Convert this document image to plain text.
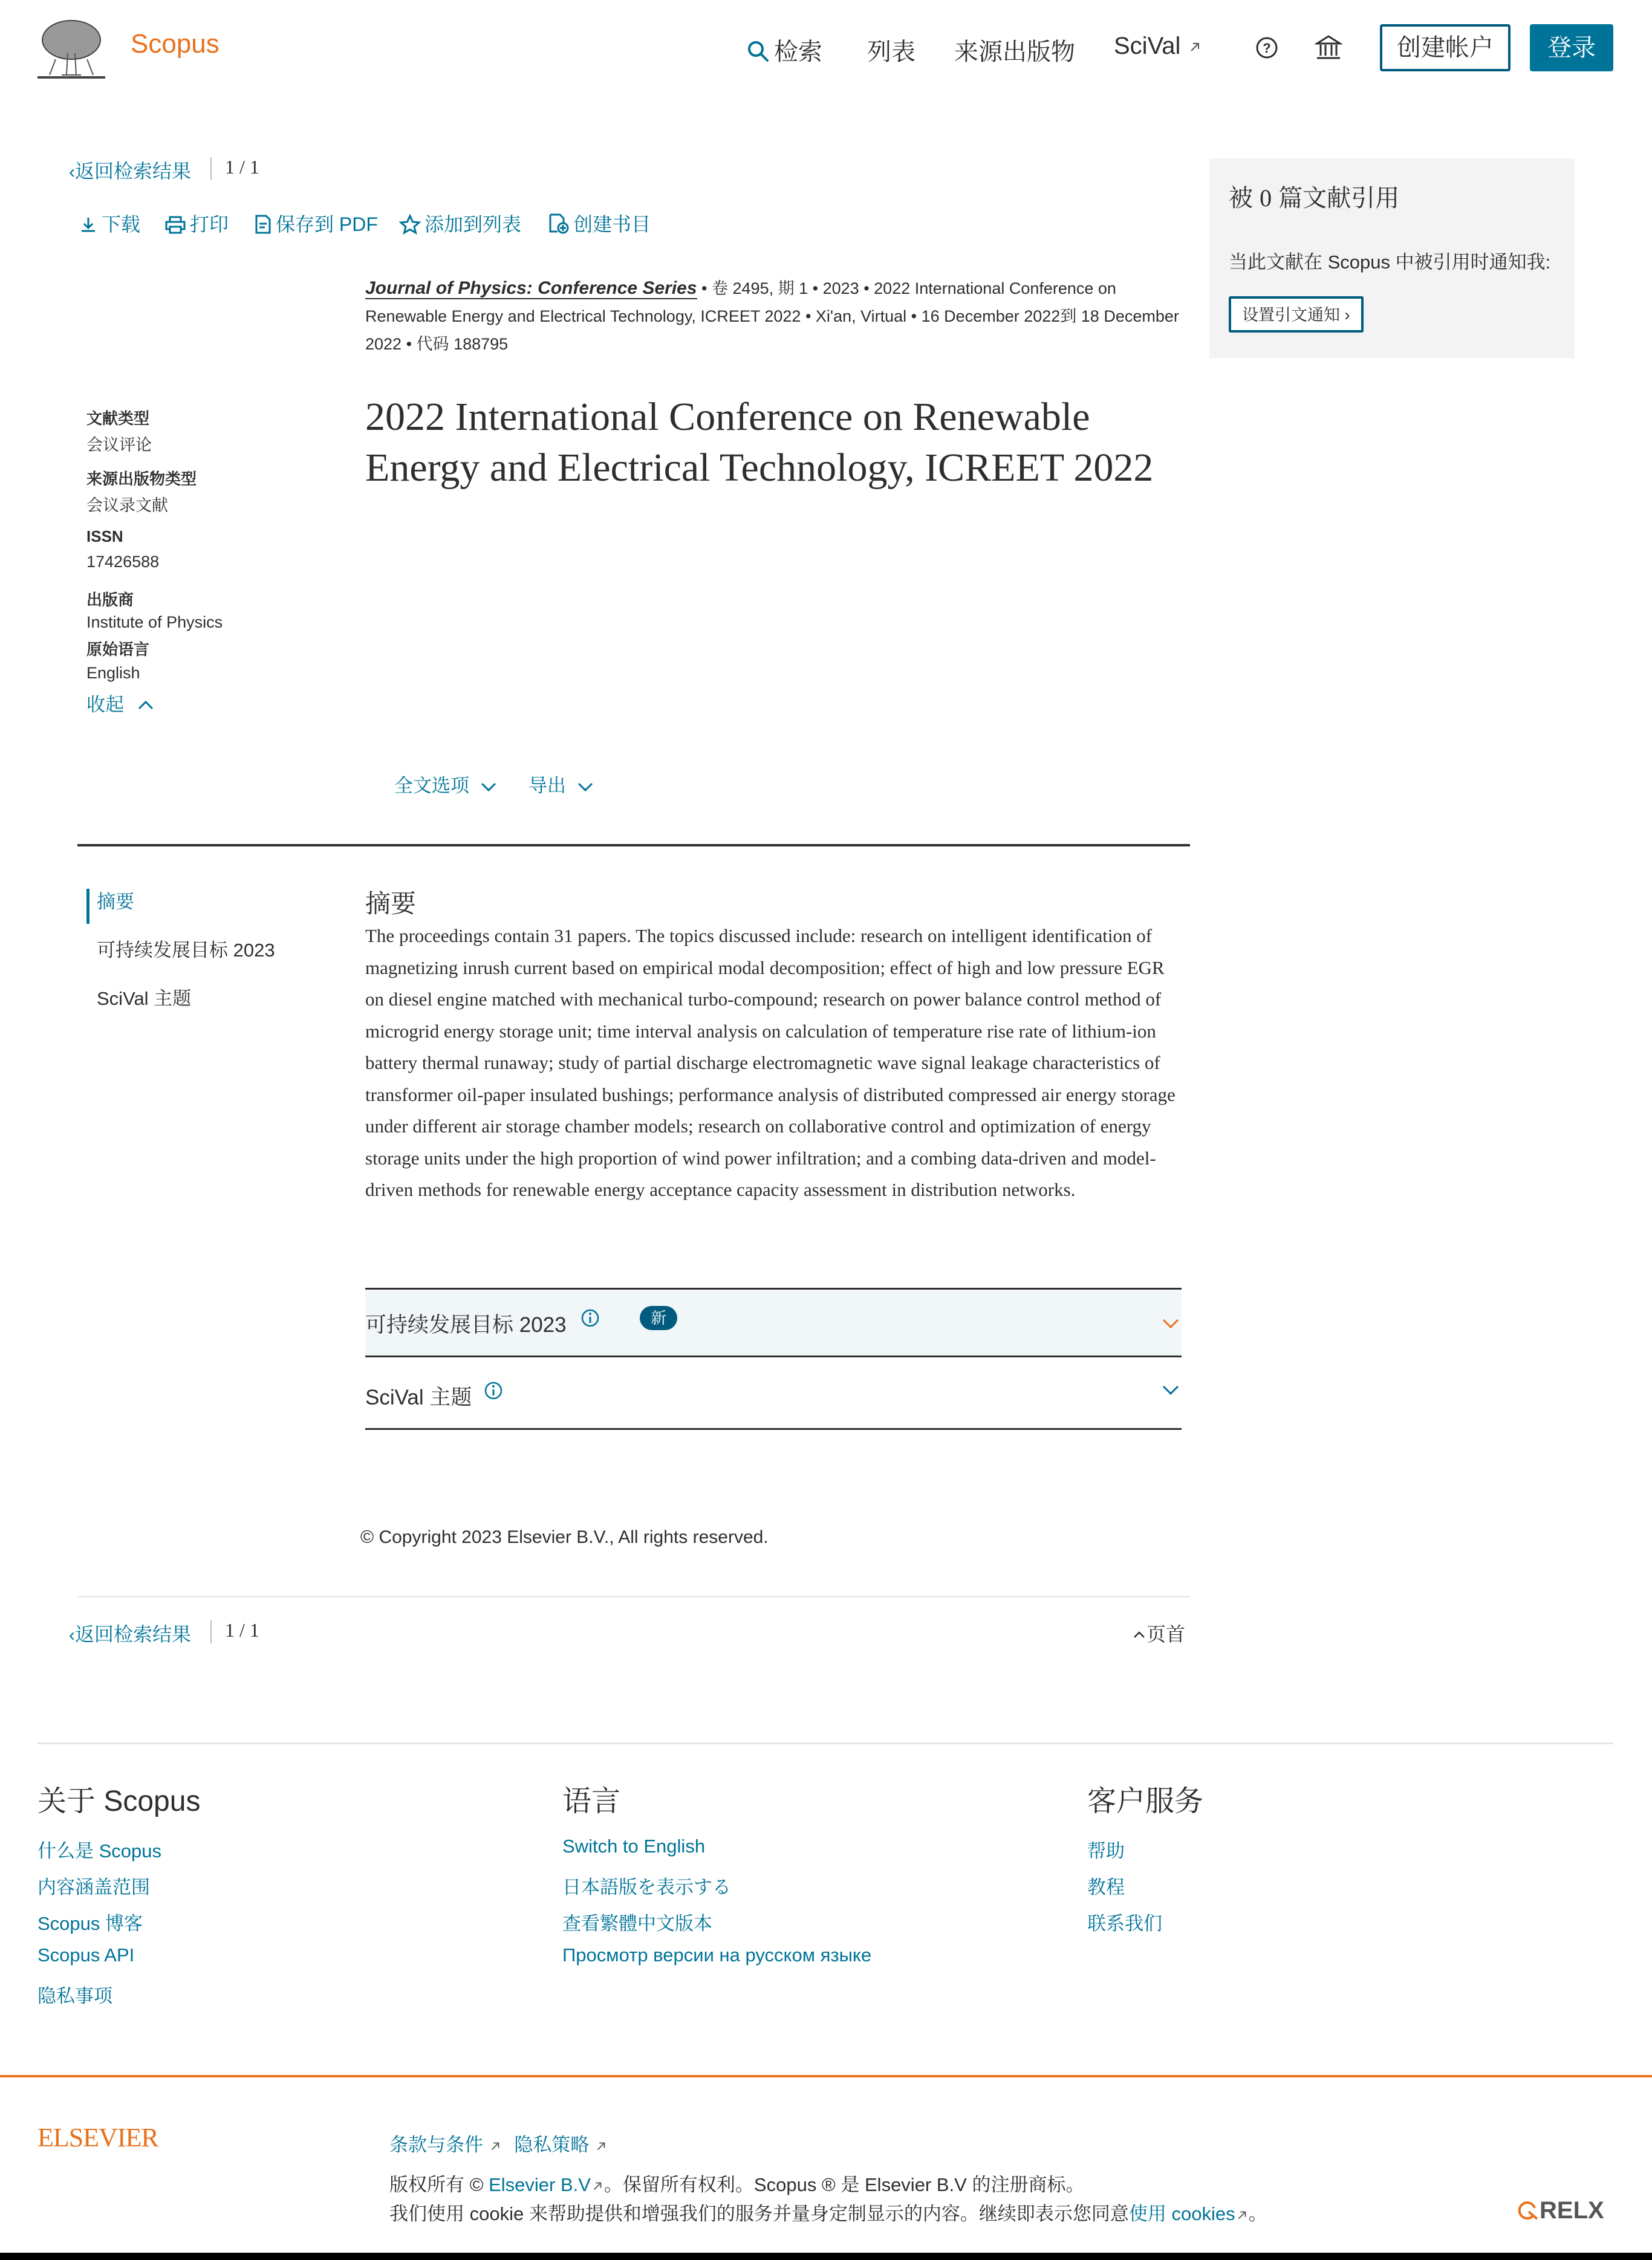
Scopus	检索 列表 来源出版物 SciVal	?	创建帐户	登录
‹返回检索结果 1 / 1
下载	打印	保存到 PDF	添加到列表	创建书目
Journal of Physics: Conference Series • 卷 2495, 期 1 • 2023 • 2022 International Conference on Renewable Energy and Electrical Technology, ICREET 2022 • Xi'an, Virtual • 16 December 2022到 18 December 2022 • 代码 188795
文献类型
会议评论
来源出版物类型
会议录文献
ISSN
17426588
出版商
Institute of Physics
原始语言
English
收起
2022 International Conference on Renewable Energy and Electrical Technology, ICREET 2022
全文选项	导出
摘要
可持续发展目标 2023
SciVal 主题
摘要
The proceedings contain 31 papers. The topics discussed include: research on intelligent identification of magnetizing inrush current based on empirical modal decomposition; effect of high and low pressure EGR on diesel engine matched with mechanical turbo-compound; research on power balance control method of microgrid energy storage unit; time interval analysis on calculation of temperature rise rate of lithium-ion battery thermal runaway; study of partial discharge electromagnetic wave signal leakage characteristics of transformer oil-paper insulated bushings; performance analysis of distributed compressed air energy storage under different air storage chamber models; research on collaborative control and optimization of energy storage units under the high proportion of wind power infiltration; and a combing data-driven and model-driven methods for renewable energy acceptance capacity assessment in distribution networks.
可持续发展目标 2023	新
SciVal 主题
© Copyright 2023 Elsevier B.V., All rights reserved.
‹返回检索结果 1 / 1	页首
被 0 篇文献引用
当此文献在 Scopus 中被引用时通知我:
设置引文通知 ›
关于 Scopus
什么是 Scopus
内容涵盖范围
Scopus 博客
Scopus API
隐私事项
语言
Switch to English
日本語版を表示する
查看繁體中文版本
Просмотр версии на русском языке
客户服务
帮助
教程
联系我们
ELSEVIER	条款与条件 隐私策略
版权所有 © Elsevier B.V 。保留所有权利。Scopus ® 是 Elsevier B.V 的注册商标。
我们使用 cookie 来帮助提供和增强我们的服务并量身定制显示的内容。继续即表示您同意使用 cookies 。	RELX
